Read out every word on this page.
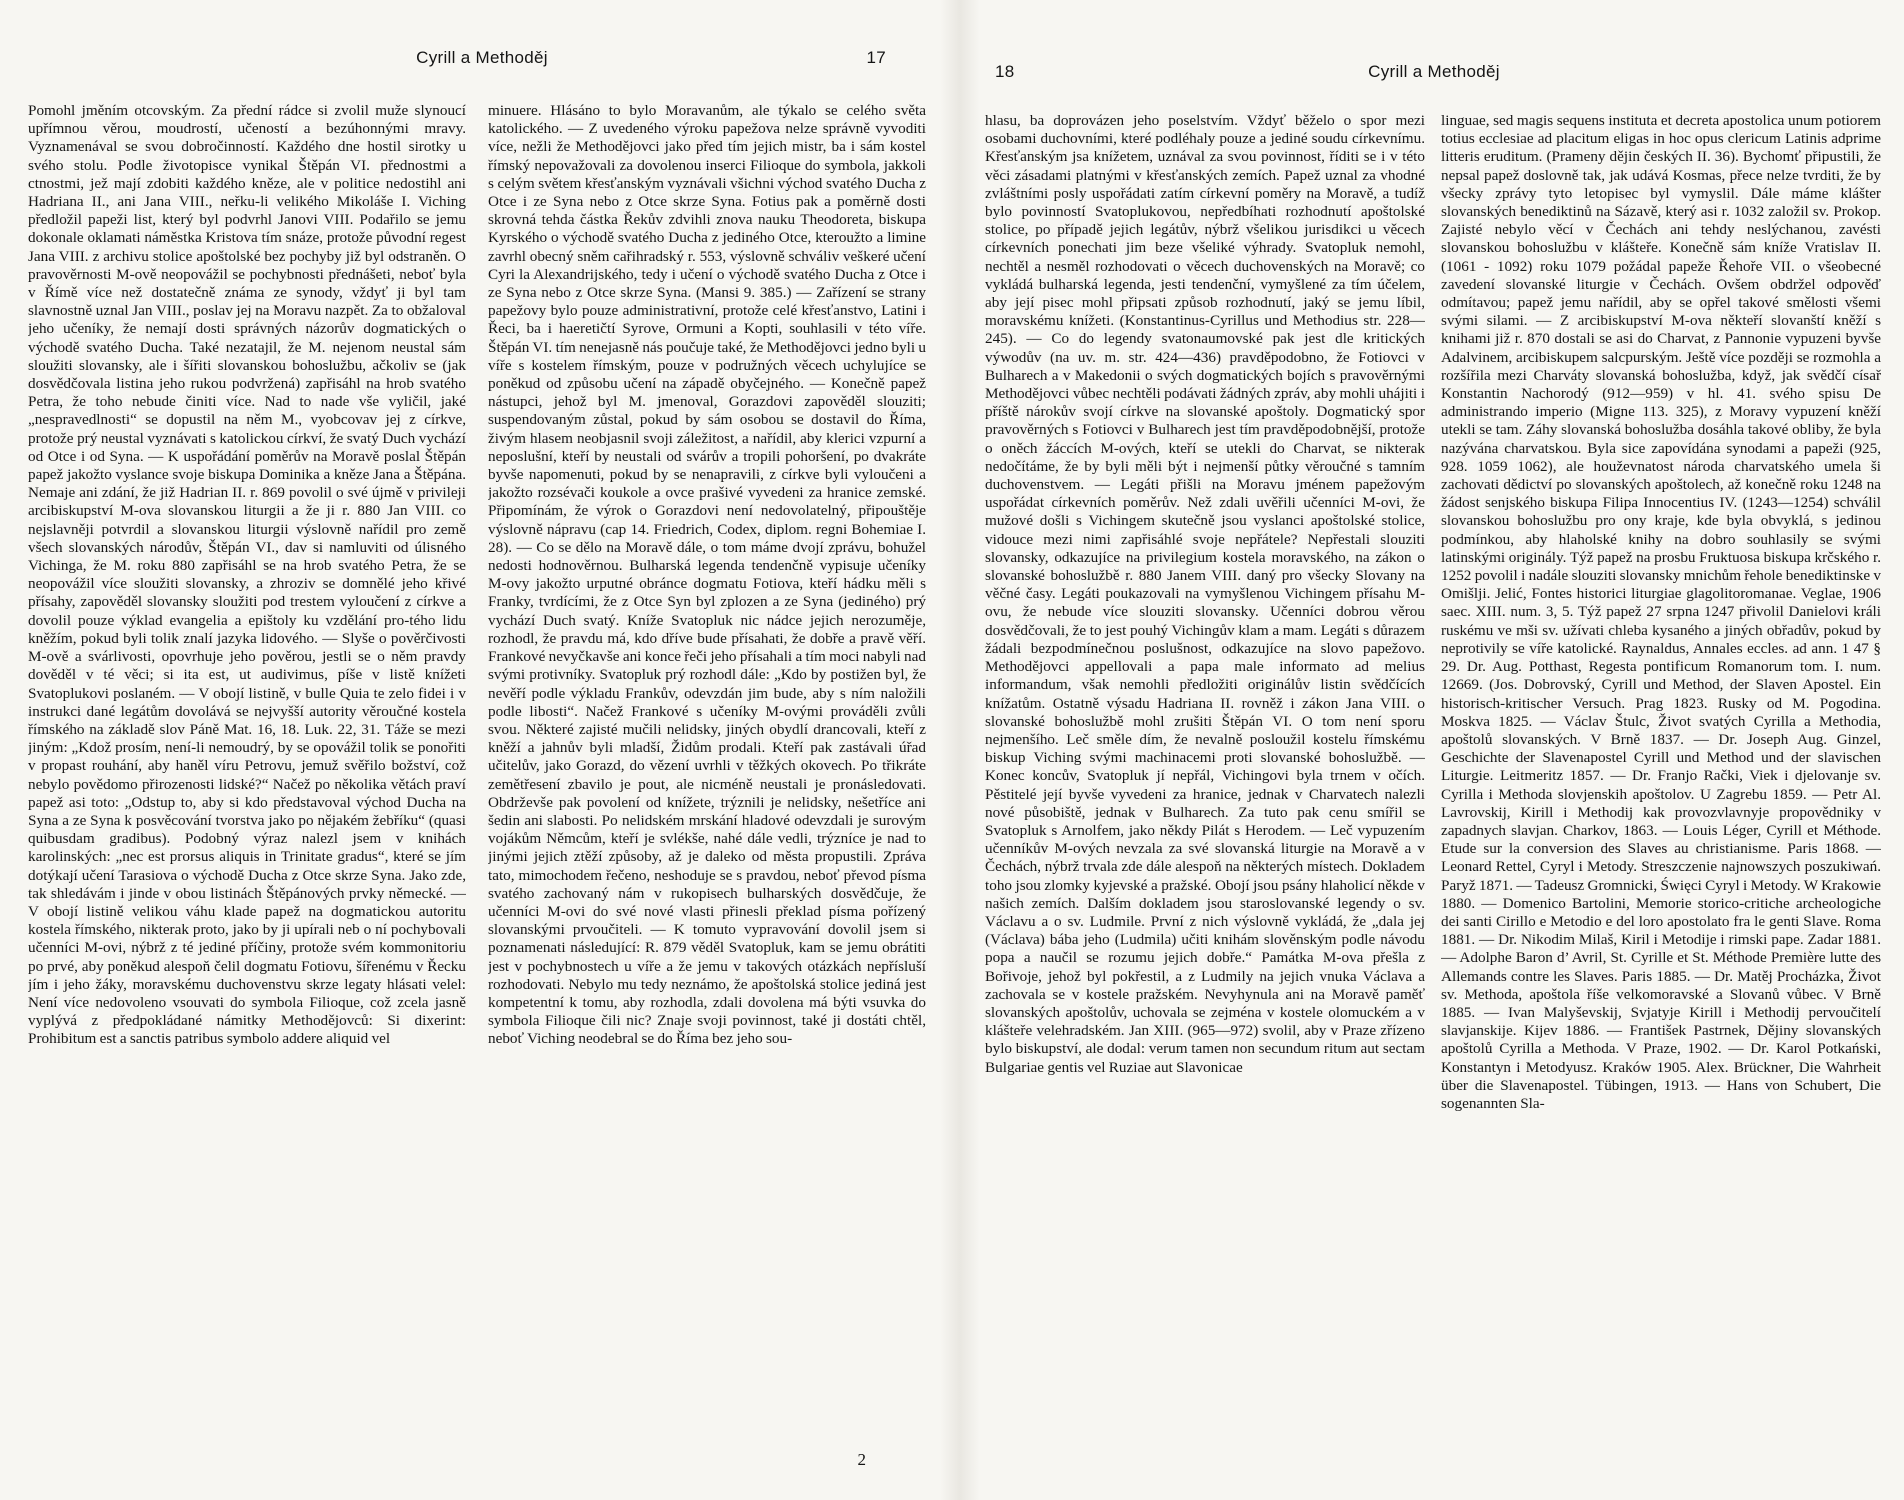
Cyrill a Methoděj	17

Pomohl jměním otcovským. Za přední rádce si zvolil muže slynoucí upřímnou věrou, moudrostí, učeností a bezúhonnými mravy. Vyznamenával se svou dobročinností. Každého dne hostil sirotky u svého stolu. Podle životopisce vynikal Štěpán VI. přednostmi a ctnostmi, jež mají zdobiti každého kněze, ale v politice nedostihl ani Hadriana II., ani Jana VIII., neřku-li velikého Mikoláše I. Viching předložil papeži list, který byl podvrhl Janovi VIII. Podařilo se jemu dokonale oklamati náměstka Kristova tím snáze, protože původní regest Jana VIII. z archivu stolice apoštolské bez pochyby již byl odstraněn. O pravověrnosti M-ově neopovážil se pochybnosti přednášeti, neboť byla v Římě více než dostatečně známa ze synody, vždyť ji byl tam slavnostně uznal Jan VIII., poslav jej na Moravu nazpět. Za to obžaloval jeho učeníky, že nemají dosti správných názorův dogmatických o východě svatého Ducha. Také nezatajil, že M. nejenom neustal sám sloužiti slovansky, ale i šířiti slovanskou bohoslužbu, ačkoliv se (jak dosvědčovala listina jeho rukou podvržená) zapřisáhl na hrob svatého Petra, že toho nebude činiti více. Nad to nade vše vyličil, jaké „nespravedlnosti“ se dopustil na něm M., vyobcovav jej z církve, protože prý neustal vyznávati s katolickou církví, že svatý Duch vychází od Otce i od Syna. — K uspořádání poměrův na Moravě poslal Štěpán papež jakožto vyslance svoje biskupa Dominika a kněze Jana a Štěpána. Nemaje ani zdání, že již Hadrian II. r. 869 povolil o své újmě v privileji arcibiskupství M-ova slovanskou liturgii a že ji r. 880 Jan VIII. co nejslavněji potvrdil a slovanskou liturgii výslovně nařídil pro země všech slovanských národův, Štěpán VI., dav si namluviti od úlisného Vichinga, že M. roku 880 zapřisáhl se na hrob svatého Petra, že se neopovážil více sloužiti slovansky, a zhroziv se domnělé jeho křivé přísahy, zapověděl slovansky sloužiti pod trestem vyloučení z církve a dovolil pouze výklad evangelia a epištoly ku vzdělání pro-tého lidu kněžím, pokud byli tolik znalí jazyka lidového. — Slyše o pověrčivosti M-ově a svárlivosti, opovrhuje jeho pověrou, jestli se o něm pravdy dověděl v té věci; si ita est, ut audivimus, píše v listě knížeti Svatoplukovi poslaném. — V obojí listině, v bulle Quia te zelo fidei i v instrukci dané legátům dovolává se nejvyšší autority věroučné kostela římského na základě slov Páně Mat. 16, 18. Luk. 22, 31. Táže se mezi jiným: „Kdož prosím, není-li nemoudrý, by se opovážil tolik se ponořiti v propast rouhání, aby haněl víru Petrovu, jemuž svěřilo božství, což nebylo povědomo přirozenosti lidské?“ Načež po několika větách praví papež asi toto: „Odstup to, aby si kdo představoval východ Ducha na Syna a ze Syna k posvěcování tvorstva jako po nějakém žebříku“ (quasi quibusdam gradibus). Podobný výraz nalezl jsem v knihách karolinských: „nec est prorsus aliquis in Trinitate gradus“, které se jím dotýkají učení Tarasiova o východě Ducha z Otce skrze Syna. Jako zde, tak shledávám i jinde v obou listinách Štěpánových prvky německé. — V obojí listině velikou váhu klade papež na dogmatickou autoritu kostela římského, nikterak proto, jako by ji upírali neb o ní pochybovali učenníci M-ovi, nýbrž z té jediné příčiny, protože svém kommonitoriu po prvé, aby poněkud alespoň čelil dogmatu Fotiovu, šířenému v Řecku jím i jeho žáky, moravskému duchovenstvu skrze legaty hlásati velel: Není více nedovoleno vsouvati do symbola Filioque, což zcela jasně vyplývá z předpokládané námitky Methodějovců: Si dixerint: Prohibitum est a sanctis patribus symbolo addere aliquid vel

minuere. Hlásáno to bylo Moravanům, ale týkalo se celého světa katolického. — Z uvedeného výroku papežova nelze správně vyvoditi více, nežli že Methodějovci jako před tím jejich mistr, ba i sám kostel římský nepovažovali za dovolenou inserci Filioque do symbola, jakkoli s celým světem křesťanským vyznávali všichni východ svatého Ducha z Otce i ze Syna nebo z Otce skrze Syna. Fotius pak a poměrně dosti skrovná tehda částka Řekův zdvihli znova nauku Theodoreta, biskupa Kyrského o východě svatého Ducha z jediného Otce, kteroužto a limine zavrhl obecný sněm cařihradský r. 553, výslovně schváliv veškeré učení Cyri la Alexandrijského, tedy i učení o východě svatého Ducha z Otce i ze Syna nebo z Otce skrze Syna. (Mansi 9. 385.) — Zařízení se strany papežovy bylo pouze administrativní, protože celé křesťanstvo, Latini i Řeci, ba i haeretičtí Syrove, Ormuni a Kopti, souhlasili v této víře. Štěpán VI. tím nenejasně nás poučuje také, že Methodějovci jedno byli u víře s kostelem římským, pouze v podružných věcech uchylujíce se poněkud od způsobu učení na západě obyčejného. — Konečně papež nástupci, jehož byl M. jmenoval, Gorazdovi zapověděl slouziti; suspendovaným zůstal, pokud by sám osobou se dostavil do Říma, živým hlasem neobjasnil svoji záležitost, a nařídil, aby klerici vzpurní a neposlušní, kteří by neustali od svárův a tropili pohoršení, po dvakráte byvše napomenuti, pokud by se nenapravili, z církve byli vyloučeni a jakožto rozsévači koukole a ovce prašivé vyvedeni za hranice zemské. Připomínám, že výrok o Gorazdovi není nedovolatelný, připouštěje výslovně nápravu (cap 14. Friedrich, Codex, diplom. regni Bohemiae I. 28). — Co se dělo na Moravě dále, o tom máme dvojí zprávu, bohužel nedosti hodnověrnou. Bulharská legenda tendenčně vypisuje učeníky M-ovy jakožto urputné obránce dogmatu Fotiova, kteří hádku měli s Franky, tvrdícími, že z Otce Syn byl zplozen a ze Syna (jediného) prý vychází Duch svatý. Kníže Svatopluk nic nádce jejich nerozuměje, rozhodl, že pravdu má, kdo dříve bude přísahati, že dobře a pravě věří. Frankové nevyčkavše ani konce řeči jeho přísahali a tím moci nabyli nad svými protivníky. Svatopluk prý rozhodl dále: „Kdo by postižen byl, že nevěří podle výkladu Frankův, odevzdán jim bude, aby s ním naložili podle libosti“. Načež Frankové s učeníky M-ovými prováděli zvůli svou. Některé zajisté mučili nelidsky, jiných obydlí drancovali, kteří z kněží a jahnův byli mladší, Židům prodali. Kteří pak zastávali úřad učitelův, jako Gorazd, do vězení uvrhli v těžkých okovech. Po třikráte zemětřesení zbavilo je pout, ale nicméně neustali je pronásledovati. Obdrževše pak povolení od knížete, trýznili je nelidsky, nešetříce ani šedin ani slabosti. Po nelidském mrskání hladové odevzdali je surovým vojákům Němcům, kteří je svlékše, nahé dále vedli, trýzníce je nad to jinými jejich ztěží způsoby, až je daleko od města propustili. Zpráva tato, mimochodem řečeno, neshoduje se s pravdou, neboť převod písma svatého zachovaný nám v rukopisech bulharských dosvědčuje, že učenníci M-ovi do své nové vlasti přinesli překlad písma pořízený slovanskými prvoučiteli. — K tomuto vypravování dovolil jsem si poznamenati následující: R. 879 věděl Svatopluk, kam se jemu obrátiti jest v pochybnostech u víře a že jemu v takových otázkách nepřísluší rozhodovati. Nebylo mu tedy neznámo, že apoštolská stolice jediná jest kompetentní k tomu, aby rozhodla, zdali dovolena má býti vsuvka do symbola Filioque čili nic? Znaje svoji povinnost, také ji dostáti chtěl, neboť Viching neodebral se do Říma bez jeho sou-

2
18	Cyrill a Methoděj

hlasu, ba doprovázen jeho poselstvím. Vždyť běželo o spor mezi osobami duchovními, které podléhaly pouze a jediné soudu církevnímu. Křesťanským jsa knížetem, uznával za svou povinnost, říditi se i v této věci zásadami platnými v křesťanských zemích. Papež uznal za vhodné zvláštními posly uspořádati zatím církevní poměry na Moravě, a tudíž bylo povinností Svatoplukovou, nepředbíhati rozhodnutí apoštolské stolice, po případě jejich legátův, nýbrž všelikou jurisdikci u věcech církevních ponechati jim beze všeliké výhrady. Svatopluk nemohl, nechtěl a nesměl rozhodovati o věcech duchovenských na Moravě; co vykládá bulharská legenda, jesti tendenční, vymyšlené za tím účelem, aby její pisec mohl připsati způsob rozhodnutí, jaký se jemu líbil, moravskému knížeti. (Konstantinus-Cyrillus und Methodius str. 228—245). — Co do legendy svatonaumovské pak jest dle kritických výwodův (na uv. m. str. 424—436) pravděpodobno, že Fotiovci v Bulharech a v Makedonii o svých dogmatických bojích s pravověrnými Methodějovci vůbec nechtěli podávati žádných zpráv, aby mohli uhájiti i příště nárokův svojí církve na slovanské apoštoly. Dogmatický spor pravověrných s Fotiovci v Bulharech jest tím pravděpodobnější, protože o oněch žáccích M-ových, kteří se utekli do Charvat, se nikterak nedočítáme, že by byli měli být i nejmenší půtky věroučné s tamním duchovenstvem. — Legáti přišli na Moravu jménem papežovým uspořádat církevních poměrův. Než zdali uvěřili učenníci M-ovi, že mužové došli s Vichingem skutečně jsou vyslanci apoštolské stolice, vidouce mezi nimi zapřisáhlé svoje nepřátele? Nepřestali slouziti slovansky, odkazujíce na privilegium kostela moravského, na zákon o slovanské bohoslužbě r. 880 Janem VIII. daný pro všecky Slovany na věčné časy. Legáti poukazovali na vymyšlenou Vichingem přísahu M-ovu, že nebude více slouziti slovansky. Učenníci dobrou věrou dosvědčovali, že to jest pouhý Vichingův klam a mam. Legáti s důrazem žádali bezpodmínečnou poslušnost, odkazujíce na slovo papežovo. Methodějovci appellovali a papa male informato ad melius informandum, však nemohli předložiti originálův listin svědčících knížatům. Ostatně výsadu Hadriana II. rovněž i zákon Jana VIII. o slovanské bohoslužbě mohl zrušiti Štěpán VI. O tom není sporu nejmenšího. Leč směle dím, že nevalně posloužil kostelu římskému biskup Viching svými machinacemi proti slovanské bohoslužbě. — Konec koncův, Svatopluk jí nepřál, Vichingovi byla trnem v očích. Pěstitelé její byvše vyvedeni za hranice, jednak v Charvatech nalezli nové působiště, jednak v Bulharech. Za tuto pak cenu smířil se Svatopluk s Arnolfem, jako někdy Pilát s Herodem. — Leč vypuzením učenníkův M-ových nevzala za své slovanská liturgie na Moravě a v Čechách, nýbrž trvala zde dále alespoň na některých místech. Dokladem toho jsou zlomky kyjevské a pražské. Obojí jsou psány hlaholicí někde v našich zemích. Dalším dokladem jsou staroslovanské legendy o sv. Václavu a o sv. Ludmile. První z nich výslovně vykládá, že „dala jej (Václava) bába jeho (Ludmila) učiti knihám slověnským podle návodu popa a naučil se rozumu jejich dobře.“ Památka M-ova přešla z Bořivoje, jehož byl pokřestil, a z Ludmily na jejich vnuka Václava a zachovala se v kostele pražském. Nevyhynula ani na Moravě paměť slovanských apoštolův, uchovala se zejména v kostele olomuckém a v klášteře velehradském. Jan XIII. (965—972) svolil, aby v Praze zřízeno bylo biskupství, ale dodal: verum tamen non secundum ritum aut sectam Bulgariae gentis vel Ruziae aut Slavonicae

linguae, sed magis sequens instituta et decreta apostolica unum potiorem totius ecclesiae ad placitum eligas in hoc opus clericum Latinis adprime litteris eruditum. (Prameny dějin českých II. 36). Bychomť připustili, že nepsal papež doslovně tak, jak udává Kosmas, přece nelze tvrditi, že by všecky zprávy tyto letopisec byl vymyslil. Dále máme klášter slovanských benediktinů na Sázavě, který asi r. 1032 založil sv. Prokop. Zajisté nebylo věcí v Čechách ani tehdy neslýchanou, zavésti slovanskou bohoslužbu v klášteře. Konečně sám kníže Vratislav II. (1061 - 1092) roku 1079 požádal papeže Řehoře VII. o všeobecné zavedení slovanské liturgie v Čechách. Ovšem obdržel odpověď odmítavou; papež jemu nařídil, aby se opřel takové smělosti všemi svými silami. — Z arcibiskupství M-ova někteří slovanští kněží s knihami již r. 870 dostali se asi do Charvat, z Pannonie vypuzeni byvše Adalvinem, arcibiskupem salcpurským. Ještě více později se rozmohla a rozšířila mezi Charváty slovanská bohoslužba, když, jak svědčí císař Konstantin Nachorodý (912—959) v hl. 41. svého spisu De administrando imperio (Migne 113. 325), z Moravy vypuzení kněží utekli se tam. Záhy slovanská bohoslužba dosáhla takové obliby, že byla nazývána charvatskou. Byla sice zapovídána synodami a papeži (925, 928. 1059 1062), ale houževnatost národa charvatského umela ši zachovati dědictví po slovanských apoštolech, až konečně roku 1248 na žádost senjského biskupa Filipa Innocentius IV. (1243—1254) schválil slovanskou bohoslužbu pro ony kraje, kde byla obvyklá, s jedinou podmínkou, aby hlaholské knihy na dobro souhlasily se svými latinskými originály. Týž papež na prosbu Fruktuosa biskupa krčského r. 1252 povolil i nadále slouziti slovansky mnichům řehole benediktinske v Omišlji. Jelić, Fontes historici liturgiae glagolitoromanae. Veglae, 1906 saec. XIII. num. 3, 5. Týž papež 27 srpna 1247 přivolil Danielovi králi ruskému ve mši sv. užívati chleba kysaného a jiných obřadův, pokud by neprotivily se víře katolické. Raynaldus, Annales eccles. ad ann. 1 47 § 29. Dr. Aug. Potthast, Regesta pontificum Romanorum tom. I. num. 12669. (Jos. Dobrovský, Cyrill und Method, der Slaven Apostel. Ein historisch-kritischer Versuch. Prag 1823. Rusky od M. Pogodina. Moskva 1825. — Václav Štulc, Život svatých Cyrilla a Methodia, apoštolů slovanských. V Brně 1837. — Dr. Joseph Aug. Ginzel, Geschichte der Slavenapostel Cyrill und Method und der slavischen Liturgie. Leitmeritz 1857. — Dr. Franjo Rački, Viek i djelovanje sv. Cyrilla i Methoda slovjenskih apoštolov. U Zagrebu 1859. — Petr Al. Lavrovskij, Kirill i Methodij kak provozvlavnyje propovědniky v zapadnych slavjan. Charkov, 1863. — Louis Léger, Cyrill et Méthode. Etude sur la conversion des Slaves au christianisme. Paris 1868. — Leonard Rettel, Cyryl i Metody. Streszczenie najnowszych poszukiwań. Paryž 1871. — Tadeusz Gromnicki, Święci Cyryl i Metody. W Krakowie 1880. — Domenico Bartolini, Memorie storico-critiche archeologiche dei santi Cirillo e Metodio e del loro apostolato fra le genti Slave. Roma 1881. — Dr. Nikodim Milaš, Kiril i Metodije i rimski pape. Zadar 1881. — Adolphe Baron d’ Avril, St. Cyrille et St. Méthode Première lutte des Allemands contre les Slaves. Paris 1885. — Dr. Matěj Procházka, Život sv. Methoda, apoštola říše velkomoravské a Slovanů vůbec. V Brně 1885. — Ivan Malyševskij, Svjatyje Kirill i Methodij pervoučitelí slavjanskije. Kijev 1886. — František Pastrnek, Dějiny slovanských apoštolů Cyrilla a Methoda. V Praze, 1902. — Dr. Karol Potkański, Konstantyn i Metodyusz. Kraków 1905. Alex. Brückner, Die Wahrheit über die Slavenapostel. Tübingen, 1913. — Hans von Schubert, Die sogenannten Sla-
